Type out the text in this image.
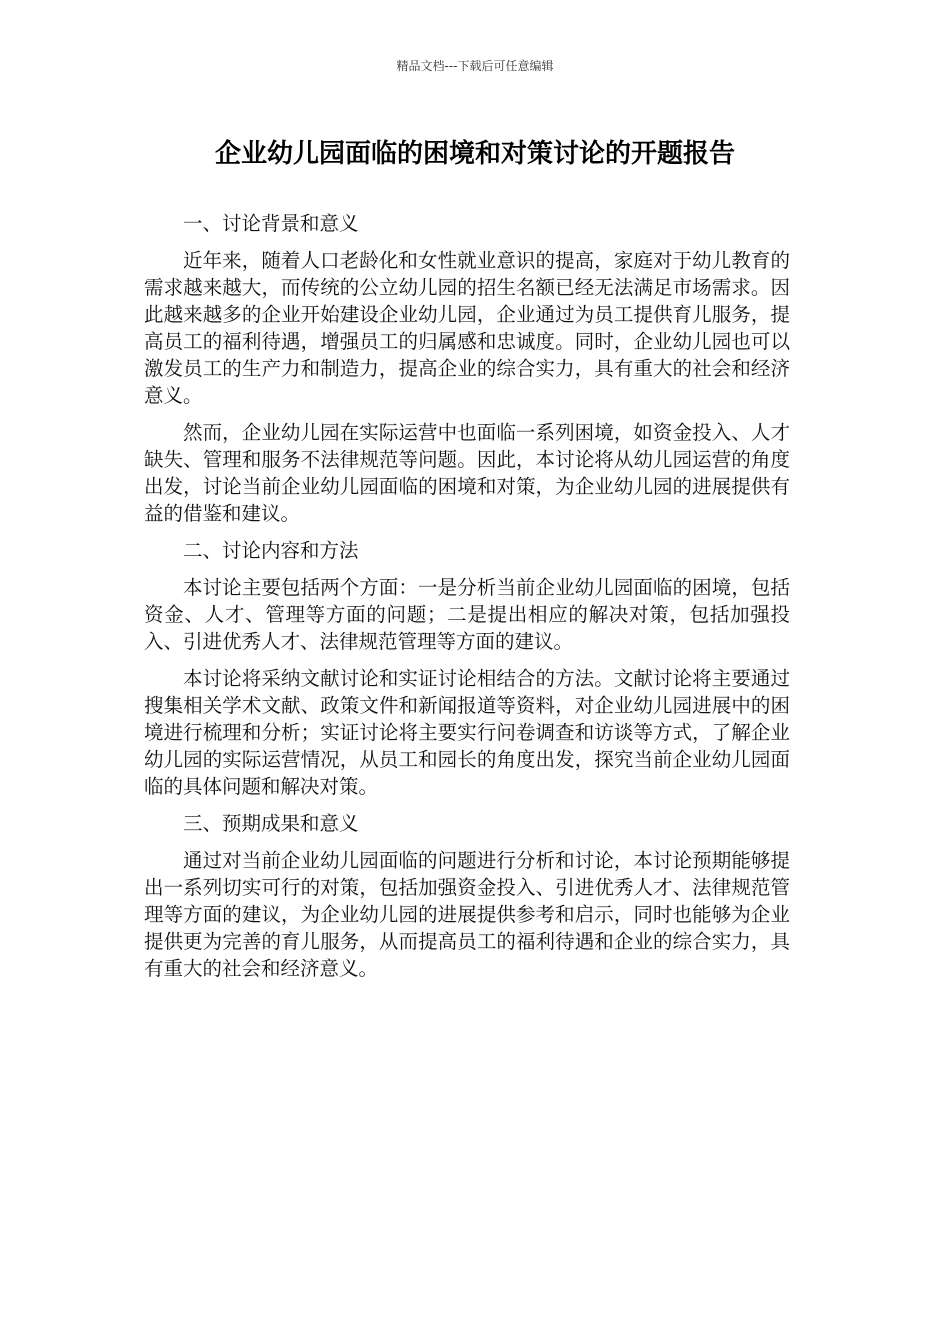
精品文档---下载后可任意编辑
企业幼儿园面临的困境和对策讨论的开题报告

一、讨论背景和意义

近年来，随着人口老龄化和女性就业意识的提高，家庭对于幼儿教育的需求越来越大，而传统的公立幼儿园的招生名额已经无法满足市场需求。因此越来越多的企业开始建设企业幼儿园，企业通过为员工提供育儿服务，提高员工的福利待遇，增强员工的归属感和忠诚度。同时，企业幼儿园也可以激发员工的生产力和制造力，提高企业的综合实力，具有重大的社会和经济意义。

然而，企业幼儿园在实际运营中也面临一系列困境，如资金投入、人才缺失、管理和服务不法律规范等问题。因此，本讨论将从幼儿园运营的角度出发，讨论当前企业幼儿园面临的困境和对策，为企业幼儿园的进展提供有益的借鉴和建议。

二、讨论内容和方法

本讨论主要包括两个方面：一是分析当前企业幼儿园面临的困境，包括资金、人才、管理等方面的问题；二是提出相应的解决对策，包括加强投入、引进优秀人才、法律规范管理等方面的建议。

本讨论将采纳文献讨论和实证讨论相结合的方法。文献讨论将主要通过搜集相关学术文献、政策文件和新闻报道等资料，对企业幼儿园进展中的困境进行梳理和分析；实证讨论将主要实行问卷调查和访谈等方式，了解企业幼儿园的实际运营情况，从员工和园长的角度出发，探究当前企业幼儿园面临的具体问题和解决对策。

三、预期成果和意义

通过对当前企业幼儿园面临的问题进行分析和讨论，本讨论预期能够提出一系列切实可行的对策，包括加强资金投入、引进优秀人才、法律规范管理等方面的建议，为企业幼儿园的进展提供参考和启示，同时也能够为企业提供更为完善的育儿服务，从而提高员工的福利待遇和企业的综合实力，具有重大的社会和经济意义。
